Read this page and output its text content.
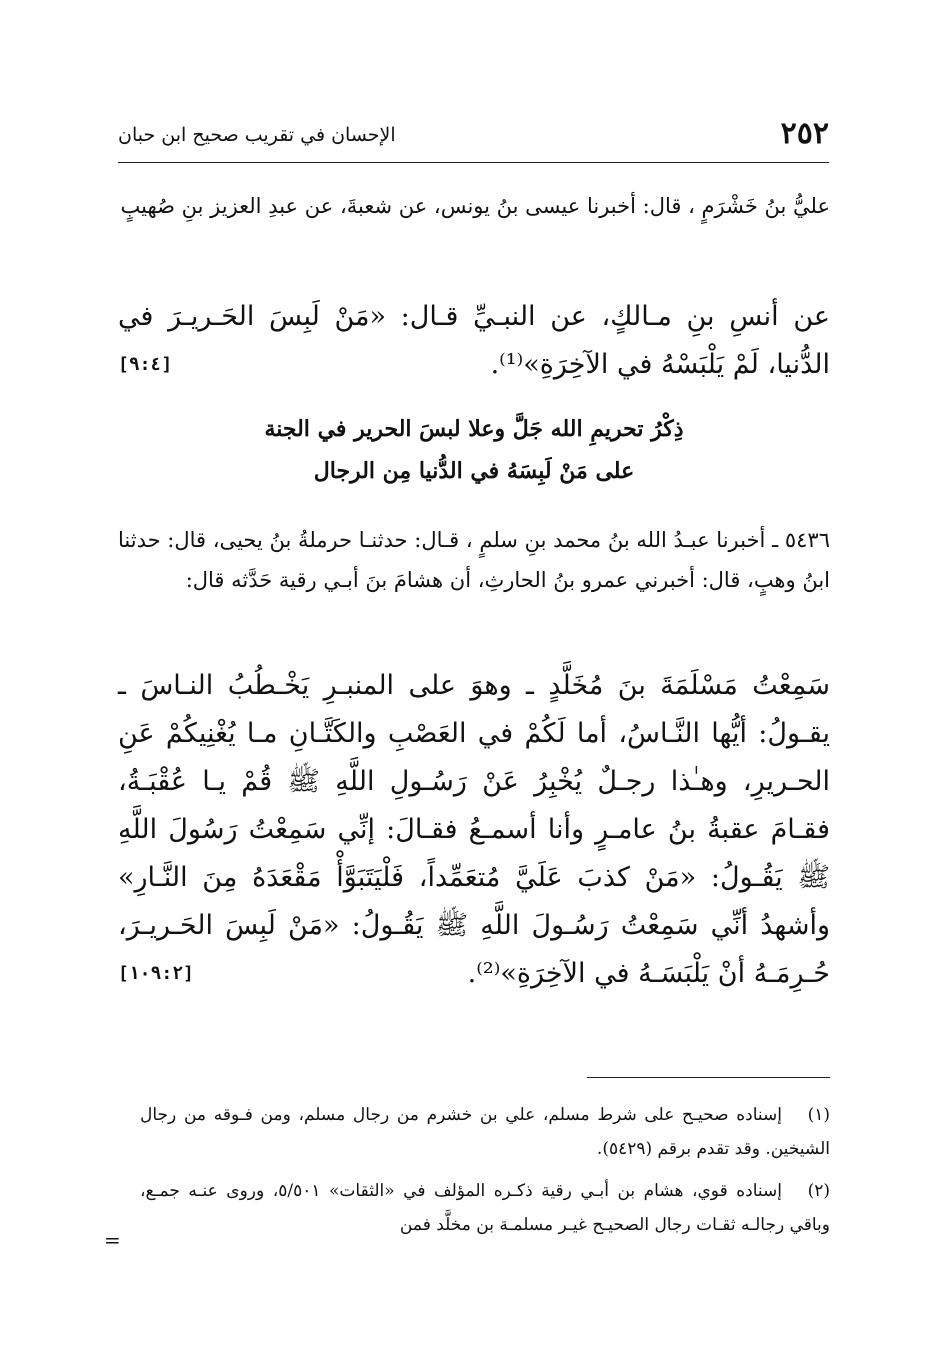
٢٥٢
الإحسان في تقريب صحيح ابن حبان
عليُّ بنُ خَشْرَمٍ ، قال: أخبرنا عيسى بنُ يونس، عن شعبةَ، عن عبدِ العزيز بنِ صُهيبٍ
عن أنسِ بنِ مـالكٍ، عن النبـيِّ قـال: «مَنْ لَبِسَ الحَـريـرَ في الدُّنيا، لَمْ يَلْبَسْهُ في الآخِرَةِ»⁽¹⁾.
[٩:٤]
ذِكْرُ تحريمِ الله جَلَّ وعلا لبسَ الحرير في الجنة
على مَنْ لَبِسَهُ في الدُّنيا مِن الرجال
٥٤٣٦ ـ أخبرنا عبـدُ الله بنُ محمد بنِ سلمٍ ، قـال: حدثنـا حرملةُ بنُ يحيى، قال: حدثنا ابنُ وهبٍ، قال: أخبرني عمرو بنُ الحارثِ، أن هشامَ بنَ أبـي رقية حَدَّثه قال:
سَمِعْتُ مَسْلَمَةَ بنَ مُخَلَّدٍ ـ وهوَ على المنبـرِ يَخْـطُبُ النـاسَ ـ يقـولُ: أيُّها النَّـاسُ، أما لَكُمْ في العَصْبِ والكَتَّـانِ مـا يُغْنِيكُمْ عَنِ الحـريرِ، وهـٰذا رجـلٌ يُخْبِرُ عَنْ رَسُـولِ اللَّهِ ﷺ قُمْ يـا عُقْبَـةُ، فقـامَ عقبةُ بنُ عامـرٍ وأنا أسمـعُ فقـالَ: إنِّي سَمِعْتُ رَسُولَ اللَّهِ ﷺ يَقُـولُ: «مَنْ كذبَ عَلَيَّ مُتعَمِّداً، فَلْيَتَبَوَّأْ مَقْعَدَهُ مِنَ النَّـارِ» وأشهدُ أنِّي سَمِعْتُ رَسُـولَ اللَّهِ ﷺ يَقُـولُ: «مَنْ لَبِسَ الحَـريـرَ، حُـرِمَـهُ أنْ يَلْبَسَـهُ في الآخِرَةِ»⁽²⁾.
[١٠٩:٢]
(١)إسناده صحيـح على شرط مسلم، علي بن خشرم من رجال مسلم، ومن فـوقه من رجال الشيخين. وقد تقدم برقم (٥٤٢٩).
(٢)إسناده قوي، هشام بن أبـي رقية ذكـره المؤلف في «الثقات» ٥/٥٠١، وروى عنـه جمـع، وباقي رجالـه ثقـات رجال الصحيـح غيـر مسلمـة بن مخلَّد فمن
=
